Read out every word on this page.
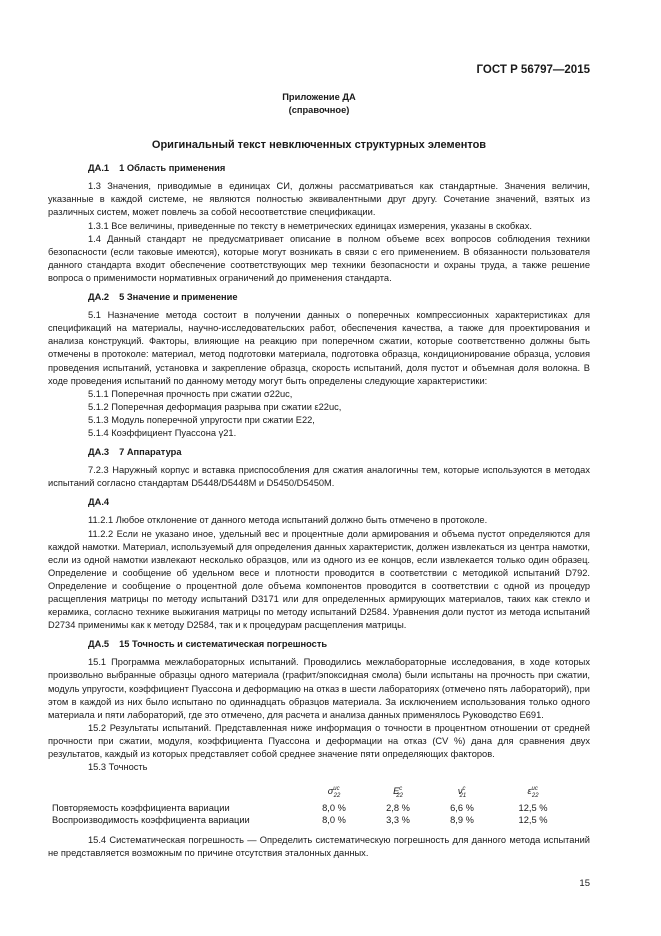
ГОСТ Р 56797—2015
Приложение ДА
(справочное)
Оригинальный текст невключенных структурных элементов
ДА.1 1 Область применения

1.3 Значения, приводимые в единицах СИ, должны рассматриваться как стандартные. Значения величин, указанные в каждой системе, не являются полностью эквивалентными друг другу. Сочетание значений, взятых из различных систем, может повлечь за собой несоответствие спецификации.

1.3.1 Все величины, приведенные по тексту в неметрических единицах измерения, указаны в скобках.

1.4 Данный стандарт не предусматривает описание в полном объеме всех вопросов соблюдения техники безопасности (если таковые имеются), которые могут возникать в связи с его применением. В обязанности пользователя данного стандарта входит обеспечение соответствующих мер техники безопасности и охраны труда, а также решение вопроса о применимости нормативных ограничений до применения стандарта.

ДА.2 5 Значение и применение

5.1 Назначение метода состоит в получении данных о поперечных компрессионных характеристиках для спецификаций на материалы, научно-исследовательских работ, обеспечения качества, а также для проектирования и анализа конструкций. Факторы, влияющие на реакцию при поперечном сжатии, которые соответственно должны быть отмечены в протоколе: материал, метод подготовки материала, подготовка образца, кондиционирование образца, условия проведения испытаний, установка и закрепление образца, скорость испытаний, доля пустот и объемная доля волокна. В ходе проведения испытаний по данному методу могут быть определены следующие характеристики:

5.1.1 Поперечная прочность при сжатии σ22uc,

5.1.2 Поперечная деформация разрыва при сжатии ε22uc,

5.1.3 Модуль поперечной упругости при сжатии E22,

5.1.4 Коэффициент Пуассона γ21.

ДА.3 7 Аппаратура

7.2.3 Наружный корпус и вставка приспособления для сжатия аналогичны тем, которые используются в методах испытаний согласно стандартам D5448/D5448M и D5450/D5450M.

ДА.4

11.2.1 Любое отклонение от данного метода испытаний должно быть отмечено в протоколе.

11.2.2 Если не указано иное, удельный вес и процентные доли армирования и объема пустот определяются для каждой намотки. Материал, используемый для определения данных характеристик, должен извлекаться из центра намотки, если из одной намотки извлекают несколько образцов, или из одного из ее концов, если извлекается только один образец. Определение и сообщение об удельном весе и плотности проводится в соответствии с методикой испытаний D792. Определение и сообщение о процентной доле объема компонентов проводится в соответствии с одной из процедур расщепления матрицы по методу испытаний D3171 или для определенных армирующих материалов, таких как стекло и керамика, согласно технике выжигания матрицы по методу испытаний D2584. Уравнения доли пустот из метода испытаний D2734 применимы как к методу D2584, так и к процедурам расщепления матрицы.

ДА.5 15 Точность и систематическая погрешность

15.1 Программа межлабораторных испытаний. Проводились межлабораторные исследования, в ходе которых произвольно выбранные образцы одного материала (графит/эпоксидная смола) были испытаны на прочность при сжатии, модуль упругости, коэффициент Пуассона и деформацию на отказ в шести лабораториях (отмечено пять лабораторий), при этом в каждой из них было испытано по одиннадцать образцов материала. За исключением использования только одного материала и пяти лабораторий, где это отмечено, для расчета и анализа данных применялось Руководство E691.

15.2 Результаты испытаний. Представленная ниже информация о точности в процентном отношении от средней прочности при сжатии, модуля, коэффициента Пуассона и деформации на отказ (CV %) дана для сравнения двух результатов, каждый из которых представляет собой среднее значение пяти определяющих факторов.

15.3 Точность

	$\sigma^{uc}_{22}$	$E^c_{22}$	$\nu^c_{21}$	$\varepsilon^{uc}_{22}$
Повторяемость коэффициента вариации	8,0 %	2,8 %	6,6 %	12,5 %
Воспроизводимость коэффициента вариации	8,0 %	3,3 %	8,9 %	12,5 %

15.4 Систематическая погрешность — Определить систематическую погрешность для данного метода испытаний не представляется возможным по причине отсутствия эталонных данных.

15
